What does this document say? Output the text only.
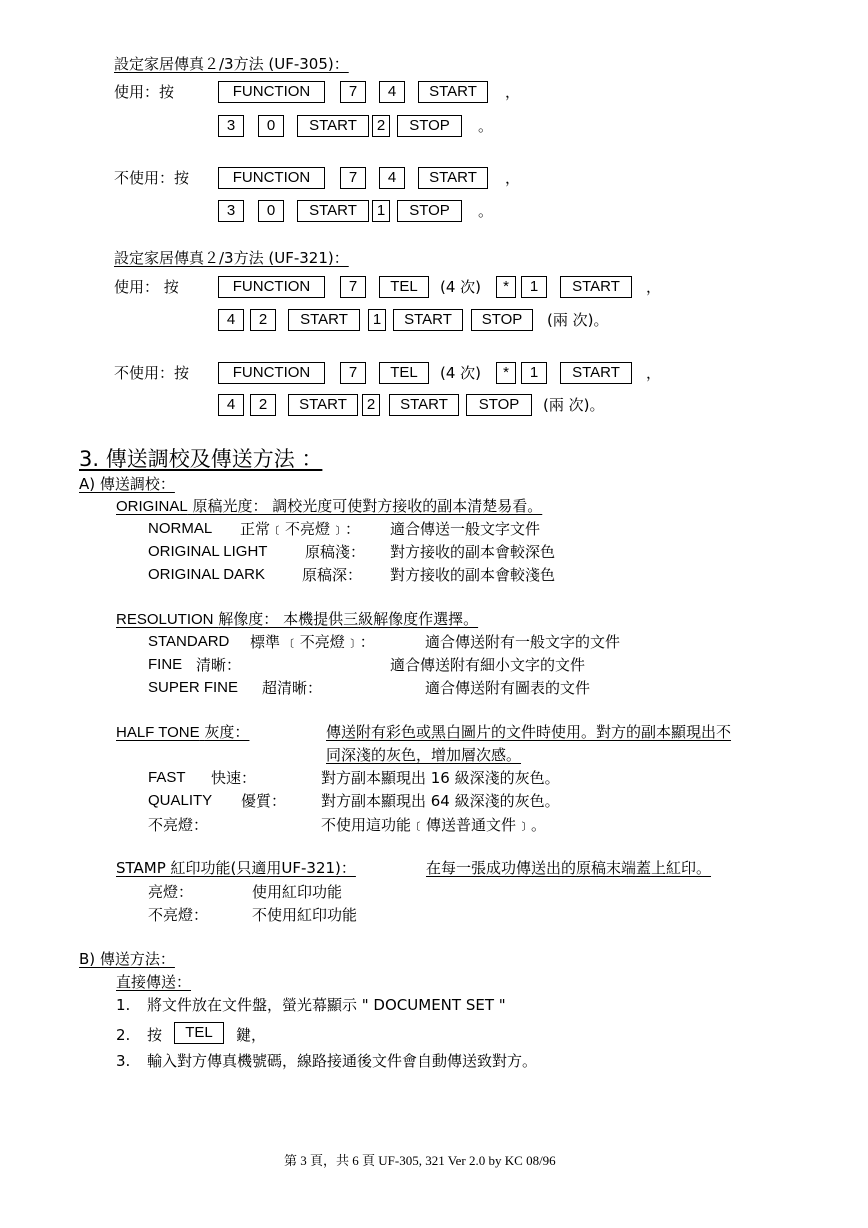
設定家居傳真２/3方法 (UF-305)：
使用：按	FUNCTION	7	4	START	，
3	0	START	2	STOP	。
不使用：按	FUNCTION	7	4	START	，
3	0	START	1	STOP	。
設定家居傳真２/3方法 (UF-321)：
使用： 按	FUNCTION	7	TEL	(4 次)	*	1	START	，
4	2	START	1	START	STOP	(兩 次)。
不使用：按	FUNCTION	7	TEL	(4 次)	*	1	START	，
4	2	START	2	START	STOP	(兩 次)。
3. 傳送調校及傳送方法 ：
A) 傳送調校：
ORIGINAL 原稿光度： 調校光度可使對方接收的副本清楚易看。
NORMAL 正常﹝不亮燈﹞： 適合傳送一般文字文件
ORIGINAL LIGHT	原稿淺： 對方接收的副本會較深色
ORIGINAL DARK 原稿深： 對方接收的副本會較淺色
RESOLUTION 解像度： 本機提供三級解像度作選擇。
STANDARD 標準 ﹝不亮燈﹞：	適合傳送附有一般文字的文件
FINE 清晰：	適合傳送附有細小文字的文件
SUPER FINE 超清晰：	適合傳送附有圖表的文件
HALF TONE 灰度：	傳送附有彩色或黑白圖片的文件時使用。對方的副本顯現出不
同深淺的灰色，增加層次感。
FAST 快速：	對方副本顯現出 16 級深淺的灰色。
QUALITY 優質： 對方副本顯現出 64 級深淺的灰色。
不亮燈：	不使用這功能﹝傳送普通文件﹞。
STAMP 紅印功能(只適用UF-321)：	在每一張成功傳送出的原稿末端蓋上紅印。
亮燈：	使用紅印功能
不亮燈：	不使用紅印功能
B) 傳送方法：
直接傳送：
1. 將文件放在文件盤，螢光幕顯示 " DOCUMENT SET "
2. 按	TEL	鍵，
3. 輸入對方傳真機號碼，線路接通後文件會自動傳送致對方。
第 3 頁，共 6 頁 UF-305, 321 Ver 2.0 by KC 08/96
